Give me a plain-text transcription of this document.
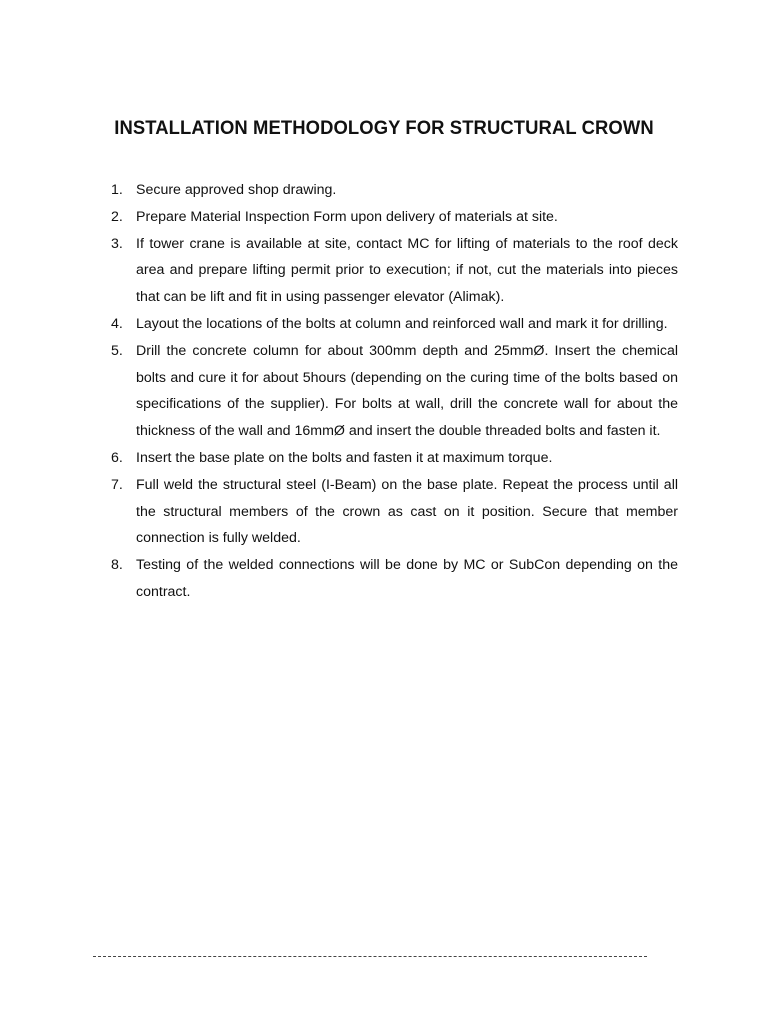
INSTALLATION METHODOLOGY FOR STRUCTURAL CROWN
1. Secure approved shop drawing.
2. Prepare Material Inspection Form upon delivery of materials at site.
3. If tower crane is available at site, contact MC for lifting of materials to the roof deck area and prepare lifting permit prior to execution; if not, cut the materials into pieces that can be lift and fit in using passenger elevator (Alimak).
4. Layout the locations of the bolts at column and reinforced wall and mark it for drilling.
5. Drill the concrete column for about 300mm depth and 25mmØ. Insert the chemical bolts and cure it for about 5hours (depending on the curing time of the bolts based on specifications of the supplier). For bolts at wall, drill the concrete wall for about the thickness of the wall and 16mmØ and insert the double threaded bolts and fasten it.
6. Insert the base plate on the bolts and fasten it at maximum torque.
7. Full weld the structural steel (I-Beam) on the base plate. Repeat the process until all the structural members of the crown as cast on it position. Secure that member connection is fully welded.
8. Testing of the welded connections will be done by MC or SubCon depending on the contract.
